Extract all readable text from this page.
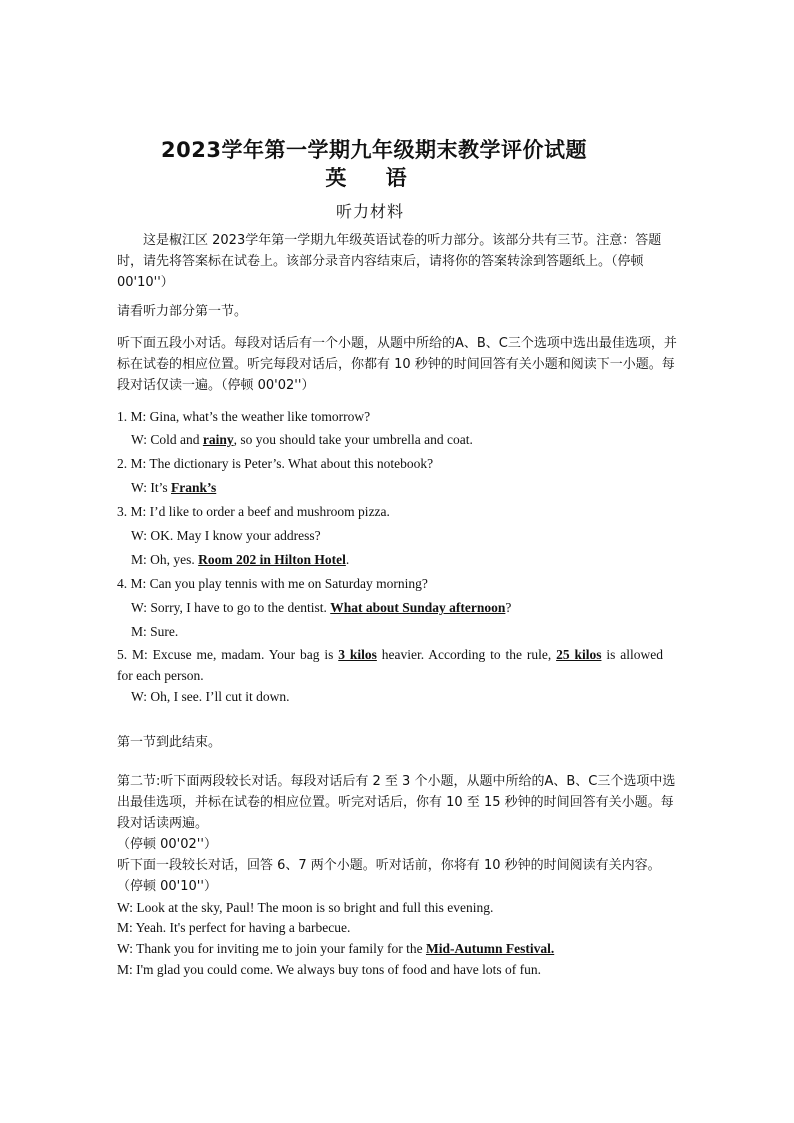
2023学年第一学期九年级期末教学评价试题
英 语
听力材料
这是椒江区 2023学年第一学期九年级英语试卷的听力部分。该部分共有三节。注意：答题时，请先将答案标在试卷上。该部分录音内容结束后，请将你的答案转涂到答题纸上。（停顿 00'10''）
请看听力部分第一节。
听下面五段小对话。每段对话后有一个小题，从题中所给的A、B、C三个选项中选出最佳选项，并标在试卷的相应位置。听完每段对话后，你都有 10 秒钟的时间回答有关小题和阅读下一小题。每段对话仅读一遍。（停顿 00'02''）
1. M: Gina, what’s the weather like tomorrow?
W: Cold and rainy, so you should take your umbrella and coat.
2. M: The dictionary is Peter’s. What about this notebook?
W: It’s Frank’s
3. M: I’d like to order a beef and mushroom pizza.
W: OK. May I know your address?
M: Oh, yes. Room 202 in Hilton Hotel.
4. M: Can you play tennis with me on Saturday morning?
W: Sorry, I have to go to the dentist. What about Sunday afternoon?
M: Sure.
5. M: Excuse me, madam. Your bag is 3 kilos heavier. According to the rule, 25 kilos is allowed
for each person.
W: Oh, I see. I’ll cut it down.
第一节到此结束。
第二节:听下面两段较长对话。每段对话后有 2 至 3 个小题，从题中所给的A、B、C三个选项中选出最佳选项，并标在试卷的相应位置。听完对话后，你有 10 至 15 秒钟的时间回答有关小题。每段对话读两遍。
（停顿 00'02''）
听下面一段较长对话，回答 6、7 两个小题。听对话前，你将有 10 秒钟的时间阅读有关内容。
（停顿 00'10''）
W: Look at the sky, Paul! The moon is so bright and full this evening.
M: Yeah. It's perfect for having a barbecue.
W: Thank you for inviting me to join your family for the Mid-Autumn Festival.
M: I'm glad you could come. We always buy tons of food and have lots of fun.
